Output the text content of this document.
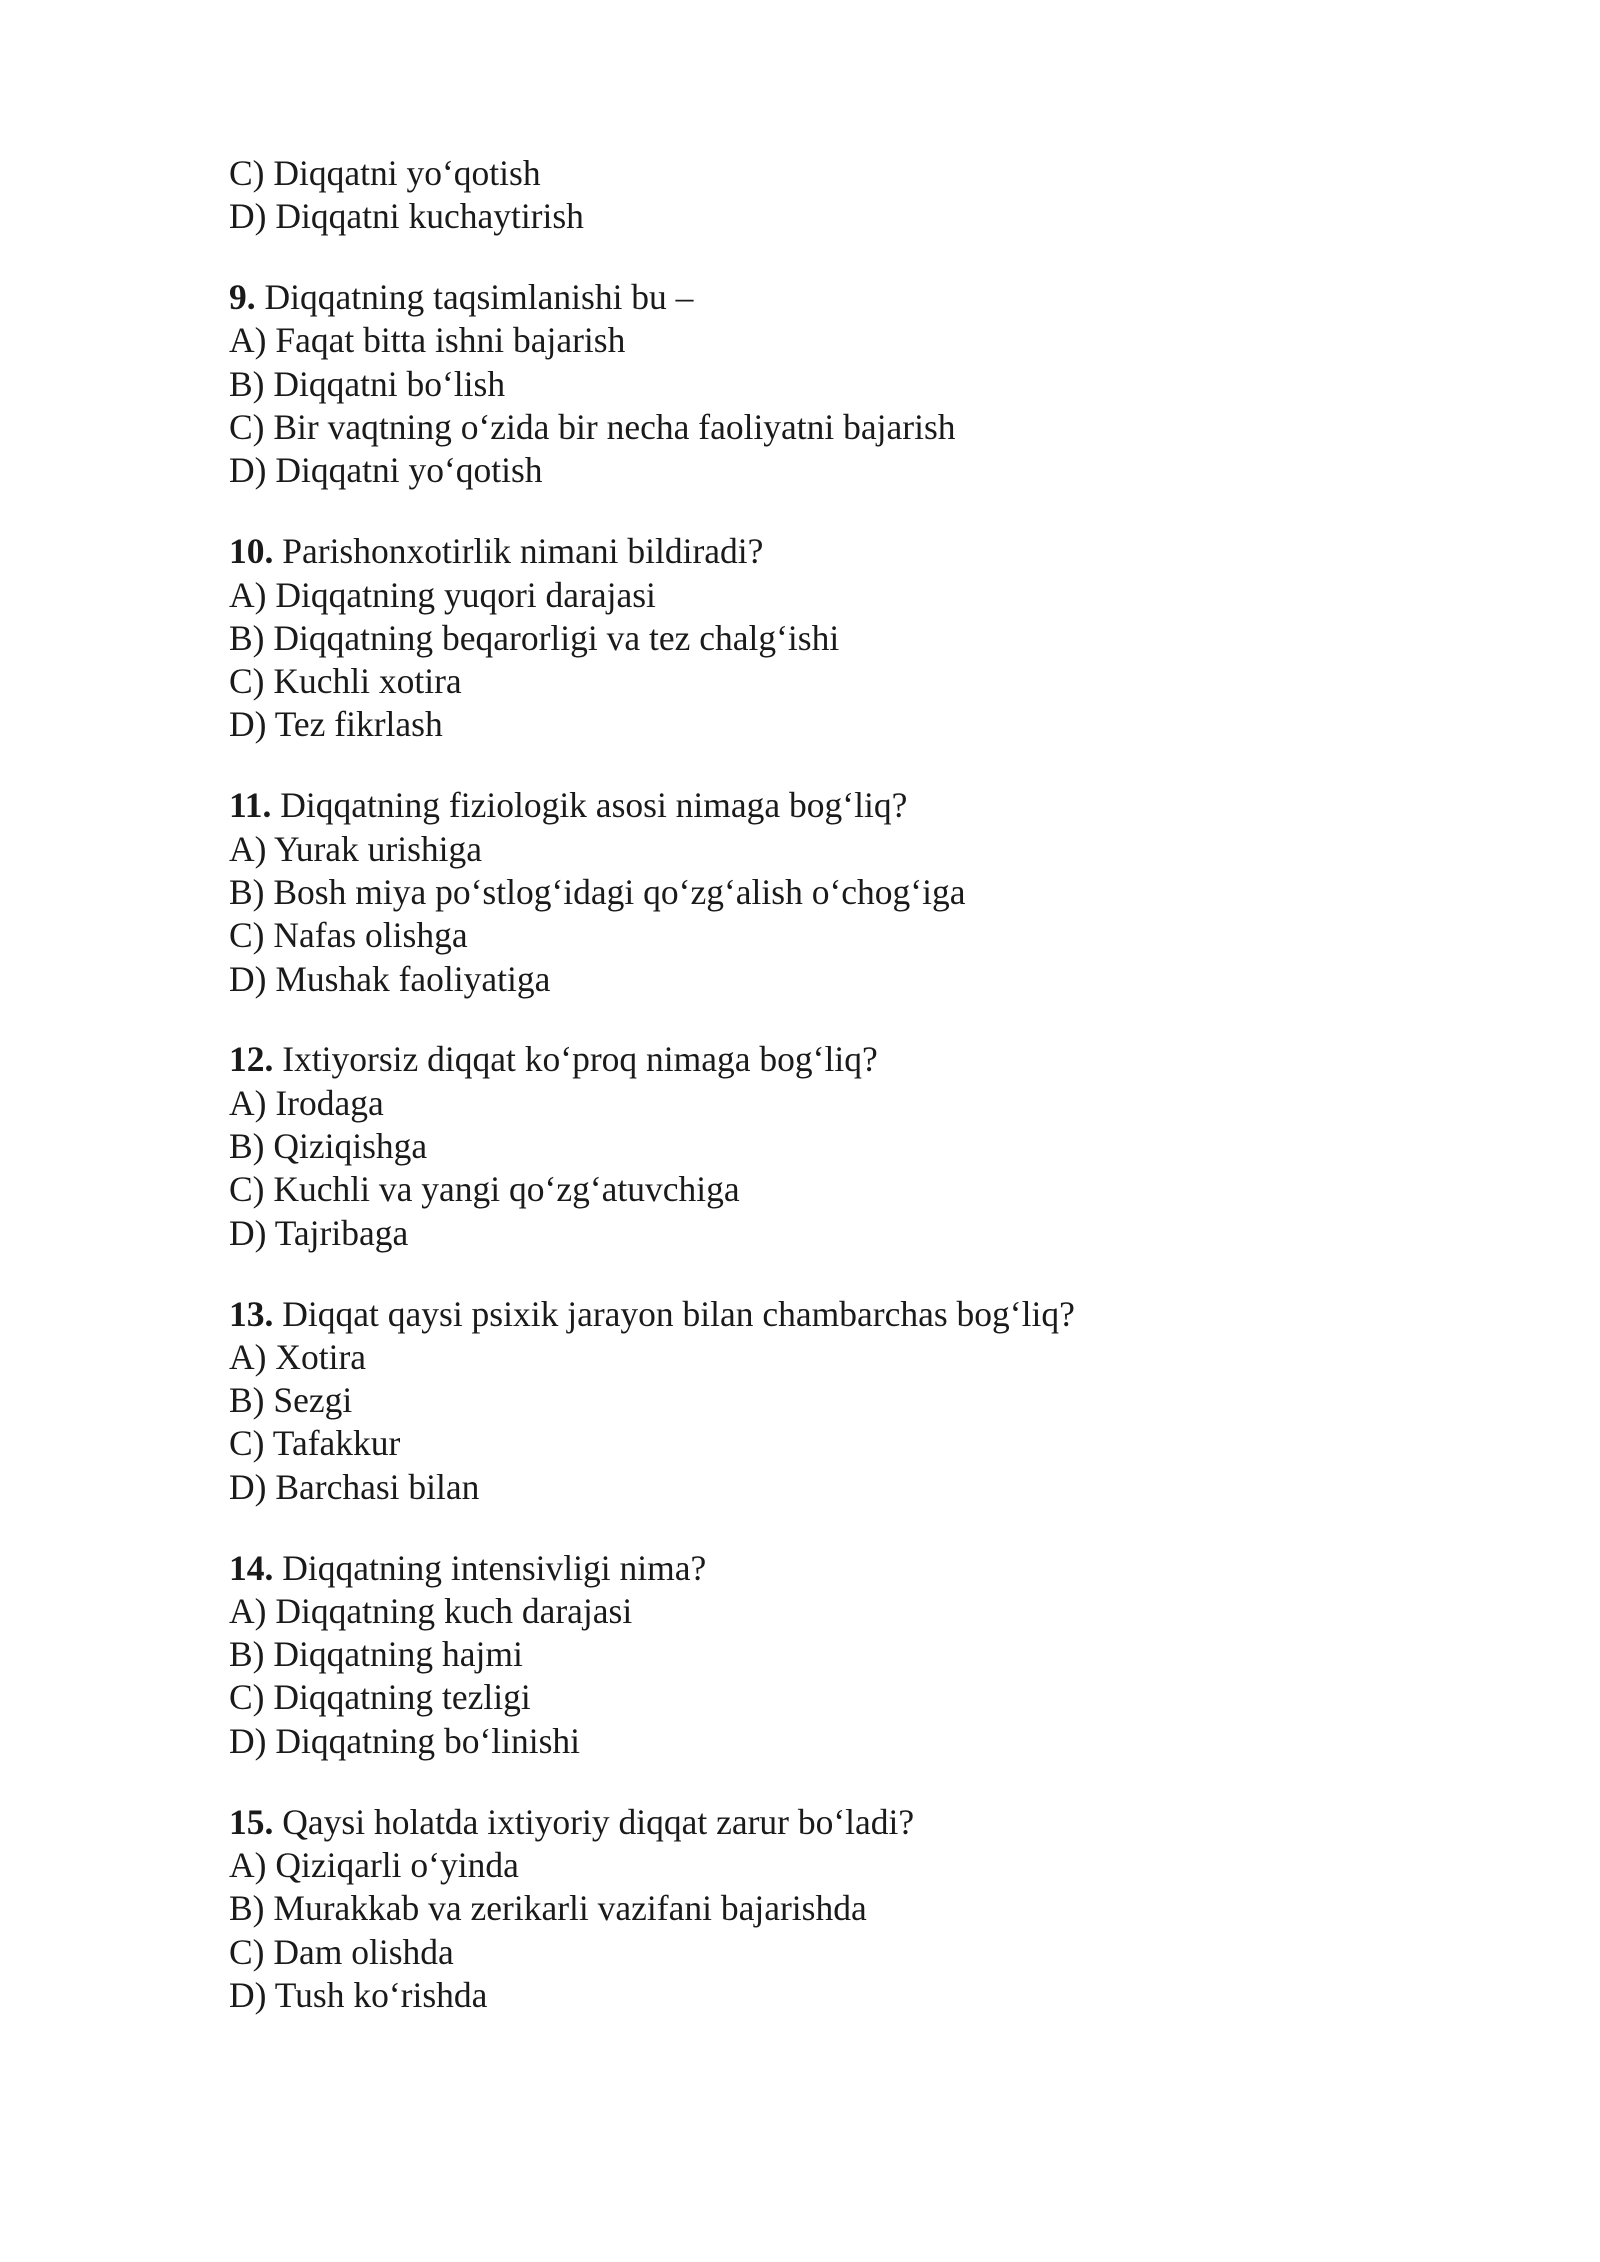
C) Diqqatni yo‘qotish
D) Diqqatni kuchaytirish
9. Diqqatning taqsimlanishi bu –
A) Faqat bitta ishni bajarish
B) Diqqatni bo‘lish
C) Bir vaqtning o‘zida bir necha faoliyatni bajarish
D) Diqqatni yo‘qotish
10. Parishonxotirlik nimani bildiradi?
A) Diqqatning yuqori darajasi
B) Diqqatning beqarorligi va tez chalg‘ishi
C) Kuchli xotira
D) Tez fikrlash
11. Diqqatning fiziologik asosi nimaga bog‘liq?
A) Yurak urishiga
B) Bosh miya po‘stlog‘idagi qo‘zg‘alish o‘chog‘iga
C) Nafas olishga
D) Mushak faoliyatiga
12. Ixtiyorsiz diqqat ko‘proq nimaga bog‘liq?
A) Irodaga
B) Qiziqishga
C) Kuchli va yangi qo‘zg‘atuvchiga
D) Tajribaga
13. Diqqat qaysi psixik jarayon bilan chambarchas bog‘liq?
A) Xotira
B) Sezgi
C) Tafakkur
D) Barchasi bilan
14. Diqqatning intensivligi nima?
A) Diqqatning kuch darajasi
B) Diqqatning hajmi
C) Diqqatning tezligi
D) Diqqatning bo‘linishi
15. Qaysi holatda ixtiyoriy diqqat zarur bo‘ladi?
A) Qiziqarli o‘yinda
B) Murakkab va zerikarli vazifani bajarishda
C) Dam olishda
D) Tush ko‘rishda
